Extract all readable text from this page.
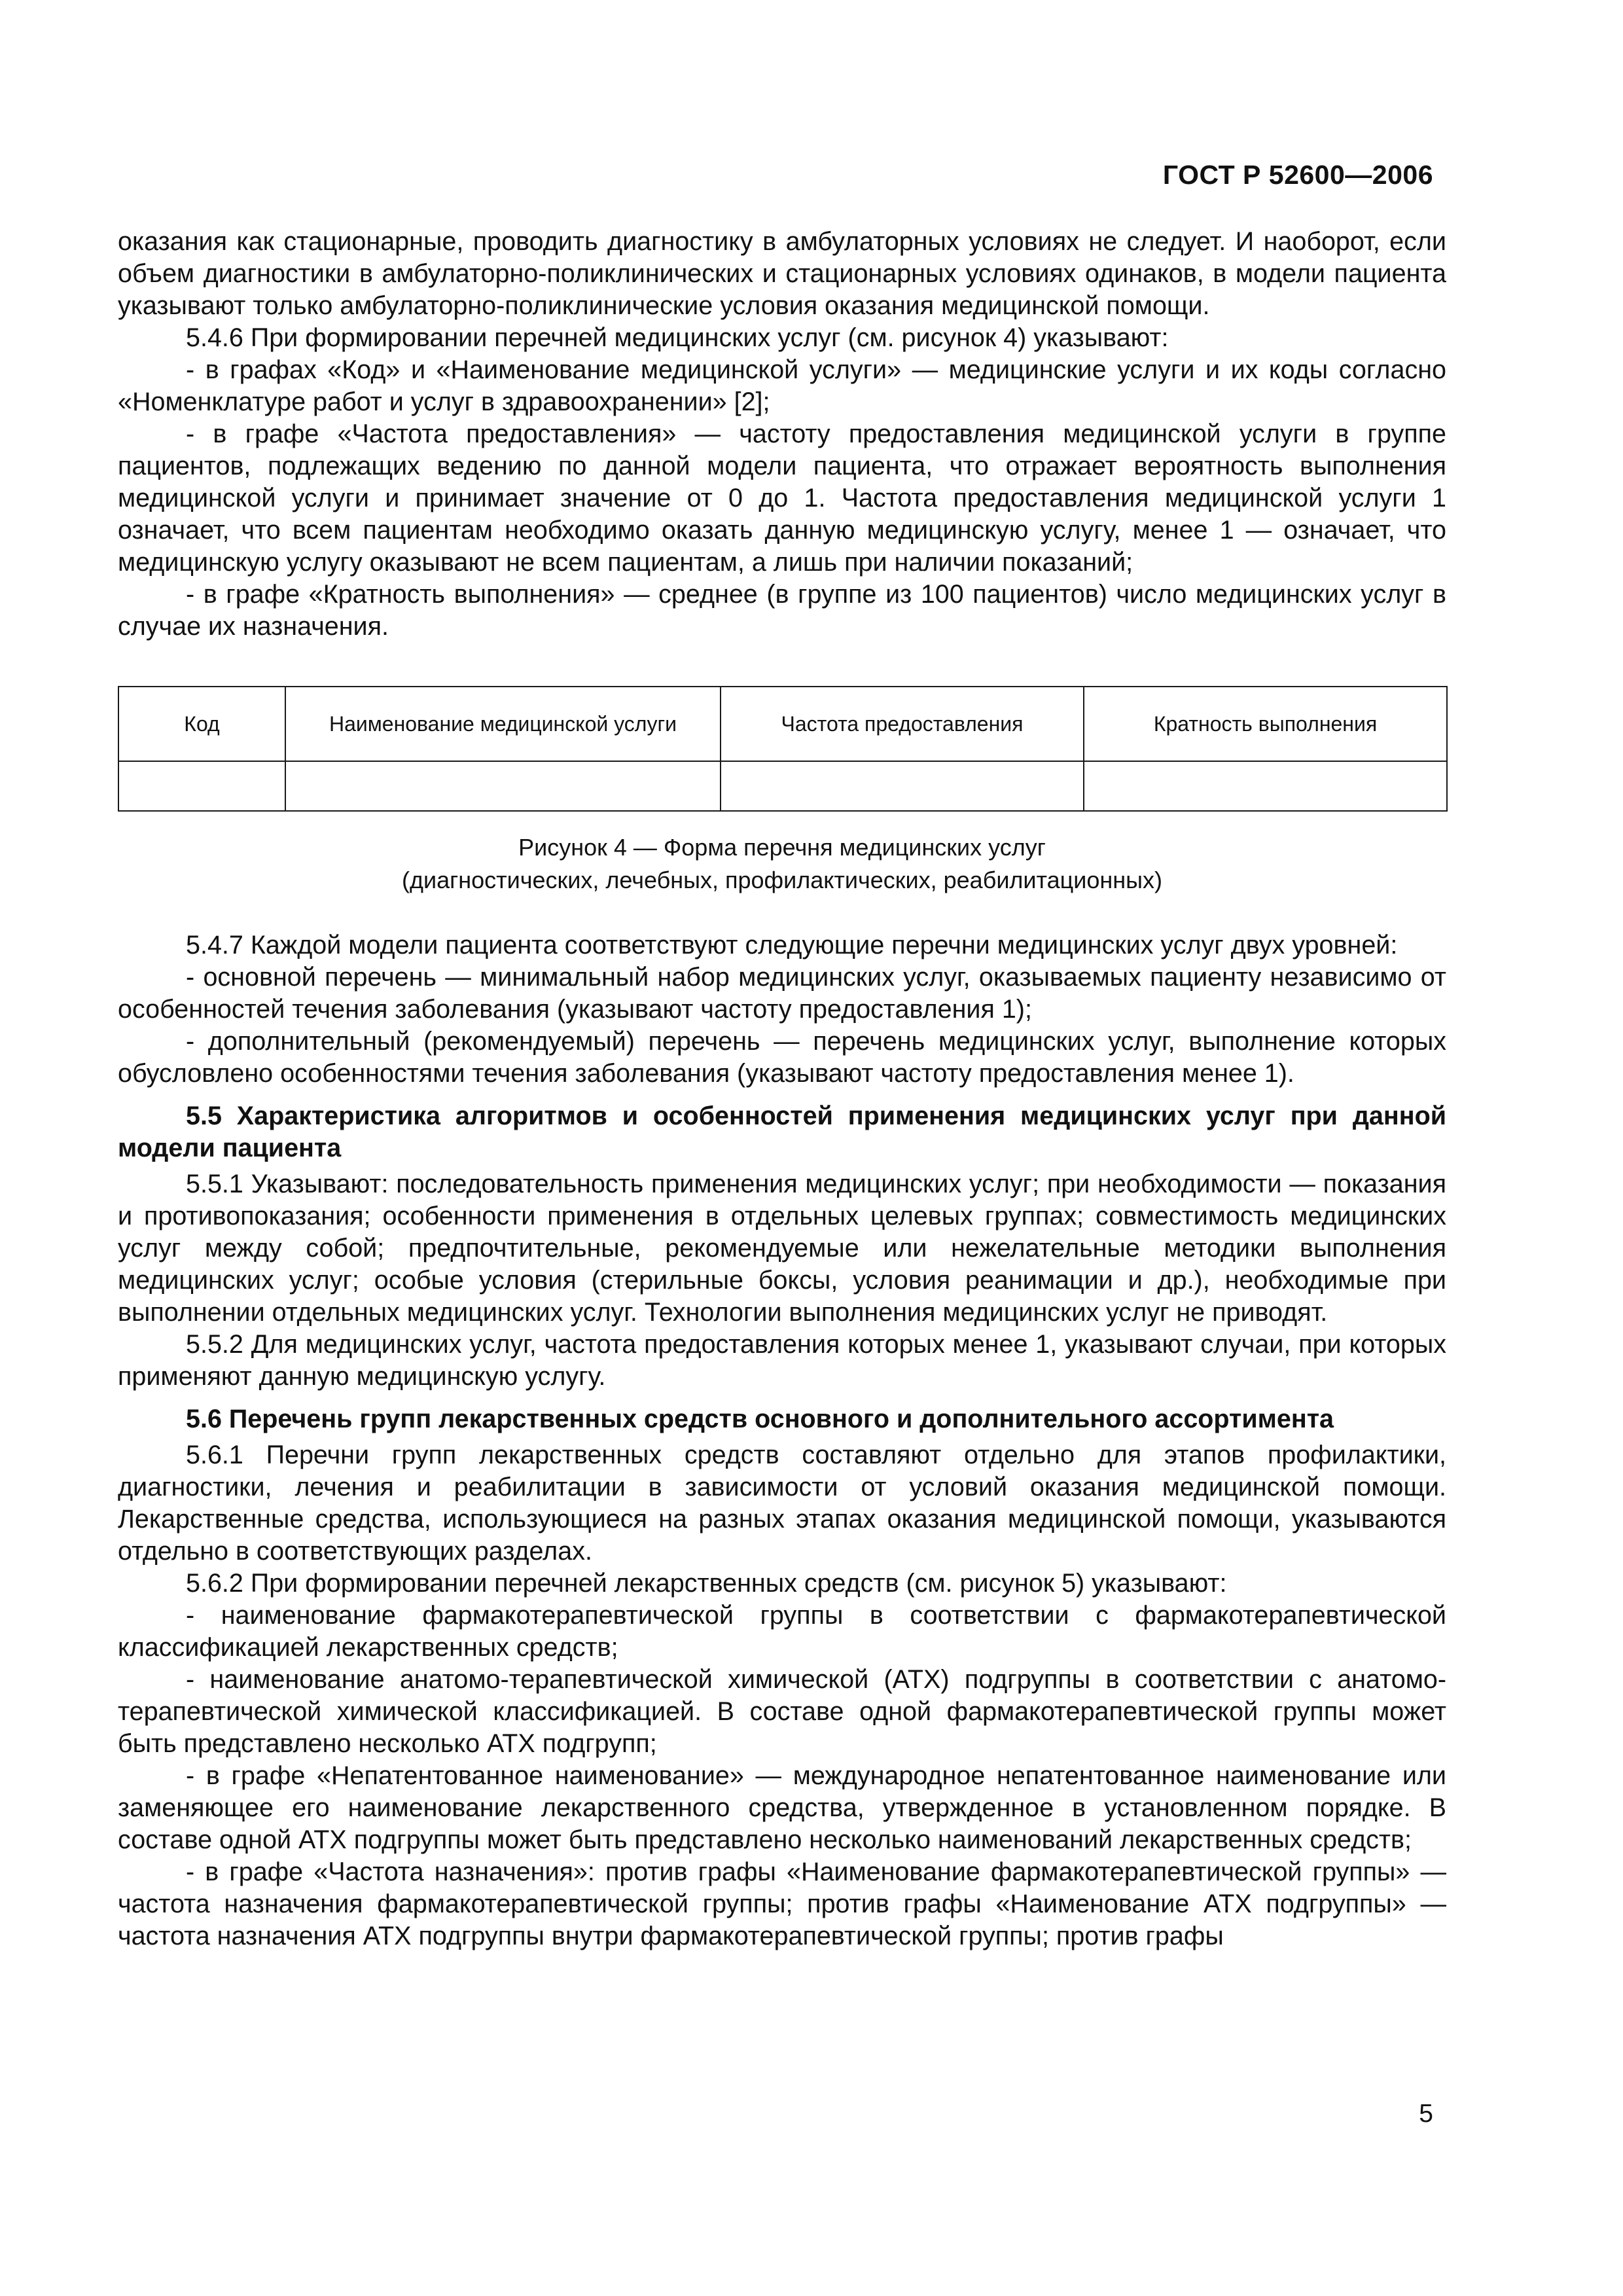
ГОСТ Р 52600—2006

оказания как стационарные, проводить диагностику в амбулаторных условиях не следует. И наоборот, если объем диагностики в амбулаторно-поликлинических и стационарных условиях одинаков, в модели пациента указывают только амбулаторно-поликлинические условия оказания медицинской помощи.

5.4.6 При формировании перечней медицинских услуг (см. рисунок 4) указывают:

- в графах «Код» и «Наименование медицинской услуги» — медицинские услуги и их коды согласно «Номенклатуре работ и услуг в здравоохранении» [2];

- в графе «Частота предоставления» — частоту предоставления медицинской услуги в группе пациентов, подлежащих ведению по данной модели пациента, что отражает вероятность выполнения медицинской услуги и принимает значение от 0 до 1. Частота предоставления медицинской услуги 1 означает, что всем пациентам необходимо оказать данную медицинскую услугу, менее 1 — означает, что медицинскую услугу оказывают не всем пациентам, а лишь при наличии показаний;

- в графе «Кратность выполнения» — среднее (в группе из 100 пациентов) число медицинских услуг в случае их назначения.

Код	Наименование медицинской услуги	Частота предоставления	Кратность выполнения

Рисунок 4 — Форма перечня медицинских услуг
(диагностических, лечебных, профилактических, реабилитационных)

5.4.7 Каждой модели пациента соответствуют следующие перечни медицинских услуг двух уровней:

- основной перечень — минимальный набор медицинских услуг, оказываемых пациенту независимо от особенностей течения заболевания (указывают частоту предоставления 1);

- дополнительный (рекомендуемый) перечень — перечень медицинских услуг, выполнение которых обусловлено особенностями течения заболевания (указывают частоту предоставления менее 1).

5.5 Характеристика алгоритмов и особенностей применения медицинских услуг при данной модели пациента

5.5.1 Указывают: последовательность применения медицинских услуг; при необходимости — показания и противопоказания; особенности применения в отдельных целевых группах; совместимость медицинских услуг между собой; предпочтительные, рекомендуемые или нежелательные методики выполнения медицинских услуг; особые условия (стерильные боксы, условия реанимации и др.), необходимые при выполнении отдельных медицинских услуг. Технологии выполнения медицинских услуг не приводят.

5.5.2 Для медицинских услуг, частота предоставления которых менее 1, указывают случаи, при которых применяют данную медицинскую услугу.

5.6 Перечень групп лекарственных средств основного и дополнительного ассортимента

5.6.1 Перечни групп лекарственных средств составляют отдельно для этапов профилактики, диагностики, лечения и реабилитации в зависимости от условий оказания медицинской помощи. Лекарственные средства, использующиеся на разных этапах оказания медицинской помощи, указываются отдельно в соответствующих разделах.

5.6.2 При формировании перечней лекарственных средств (см. рисунок 5) указывают:

- наименование фармакотерапевтической группы в соответствии с фармакотерапевтической классификацией лекарственных средств;

- наименование анатомо-терапевтической химической (АТХ) подгруппы в соответствии с анатомо-терапевтической химической классификацией. В составе одной фармакотерапевтической группы может быть представлено несколько АТХ подгрупп;

- в графе «Непатентованное наименование» — международное непатентованное наименование или заменяющее его наименование лекарственного средства, утвержденное в установленном порядке. В составе одной АТХ подгруппы может быть представлено несколько наименований лекарственных средств;

- в графе «Частота назначения»: против графы «Наименование фармакотерапевтической группы» — частота назначения фармакотерапевтической группы; против графы «Наименование АТХ подгруппы» — частота назначения АТХ подгруппы внутри фармакотерапевтической группы; против графы

5
